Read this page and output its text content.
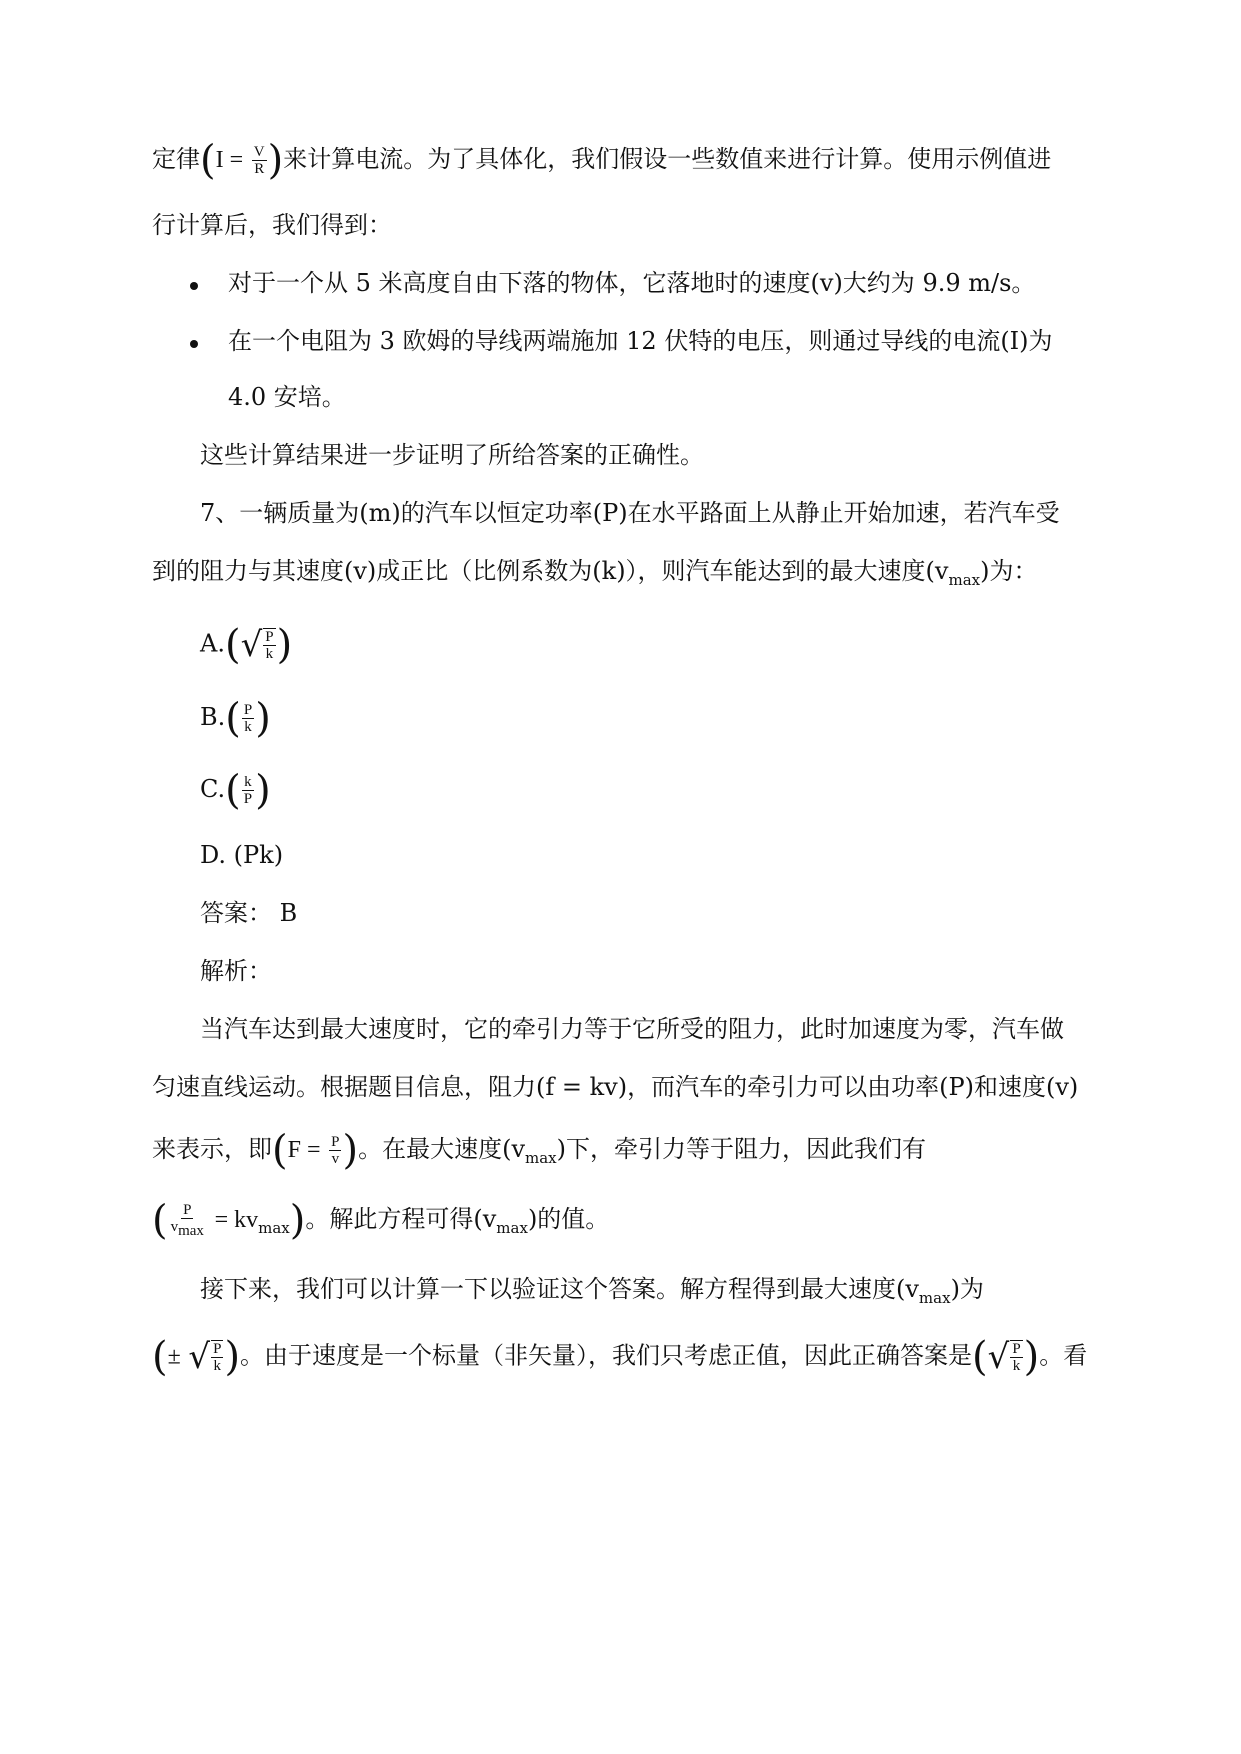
定律($I = \frac{V}{R}$ )来计算电流。为了具体化，我们假设一些数值来进行计算。使用示例值进
行计算后，我们得到：
对于一个从 5 米高度自由下落的物体，它落地时的速度(v)大约为 9.9 m/s。
在一个电阻为 3 欧姆的导线两端施加 12 伏特的电压，则通过导线的电流(I)为
4.0 安培。
这些计算结果进一步证明了所给答案的正确性。
7、一辆质量为(m)的汽车以恒定功率(P)在水平路面上从静止开始加速，若汽车受
到的阻力与其速度(v)成正比（比例系数为(k)），则汽车能达到的最大速度$(v_{max})$为：
A.( √ $\frac{P}{k}$ )
$B.( \frac{P}{k}$ )
$C.( \frac{k}{P}$ )
D. (Pk)
答案： B
解析：
当汽车达到最大速度时，它的牵引力等于它所受的阻力，此时加速度为零，汽车做
匀速直线运动。根据题目信息，阻力(f = kv)，而汽车的牵引力可以由功率(P)和速度(v)
来表示，即($F = \frac{P}{v}$ )。在最大速度$(v_{max})$下，牵引力等于阻力，因此我们有
( $\frac{P}{v_{max}} = kv_{max}$)。解此方程可得$(v_{max})$的值。
接下来，我们可以计算一下以验证这个答案。解方程得到最大速度$(v_{max})$为
(± √ $\frac{P}{k}$ )。由于速度是一个标量（非矢量），我们只考虑正值，因此正确答案是( √ $\frac{P}{k}$ )。看
